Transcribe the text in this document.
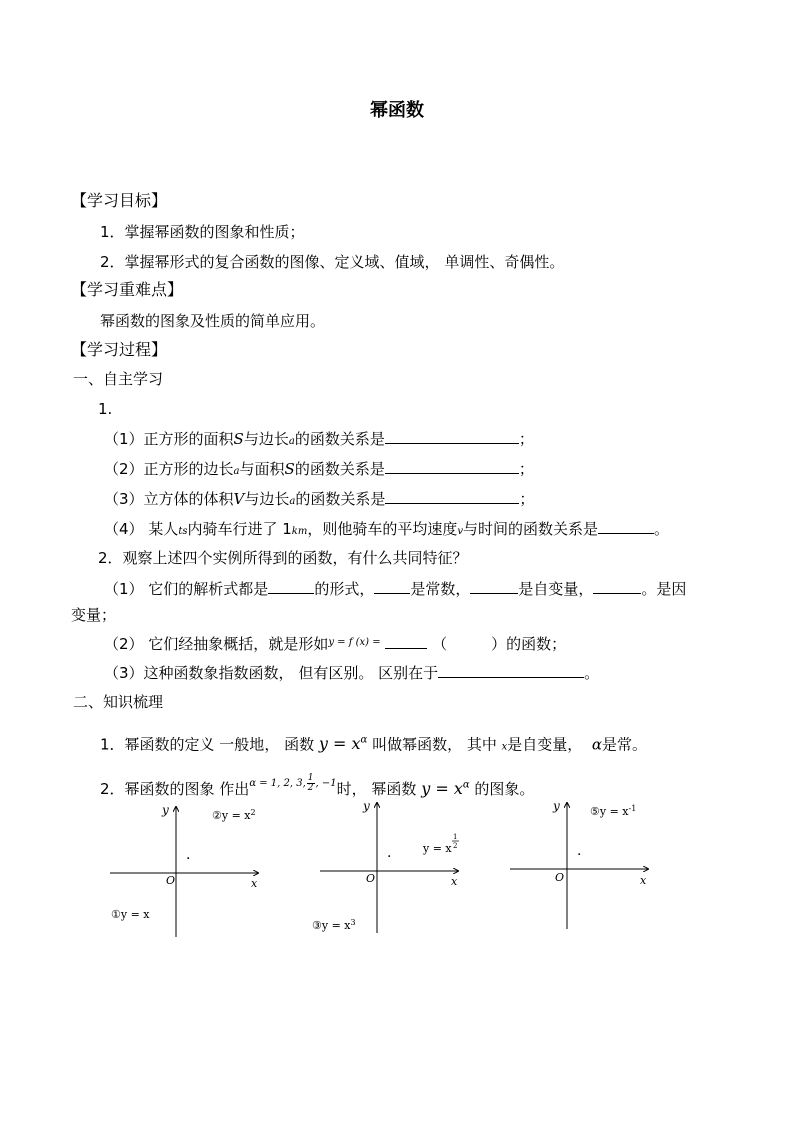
幂函数
【学习目标】
1．掌握幂函数的图象和性质；
2．掌握幂形式的复合函数的图像、定义域、值域， 单调性、奇偶性。
【学习重难点】
幂函数的图象及性质的简单应用。
【学习过程】
一、自主学习
1.
（1）正方形的面积S与边长a的函数关系是	；
（2）正方形的边长a与面积S的函数关系是	；
（3）立方体的体积V与边长a的函数关系是	；
（4） 某人ts内骑车行进了 1km，则他骑车的平均速度v与时间的函数关系是	。
2．观察上述四个实例所得到的函数，有什么共同特征？
（1） 它们的解析式都是	的形式， 是常数，	是自变量，	。是因
变量；
（2） 它们经抽象概括，就是形如$^{y = f (x) =}$	（	）的函数；
（3）这种函数象指数函数， 但有区别。 区别在于	。
二、知识梳理
1．幂函数的定义 一般地， 函数 $y = x^\alpha$ 叫做幂函数， 其中 x是自变量， α是常。
2．幂函数的图象 作出$^{\alpha = 1, 2, 3, \frac{1}{2} , -1}$时， 幂函数 $y = x^\alpha$ 的图象。
y
x
O
·
②y = $x^2$
①y = x
y
x
O
·
y = x
1
2
③y = $x^3$
y
x
O
·
⑤y = $x^{-1}$
